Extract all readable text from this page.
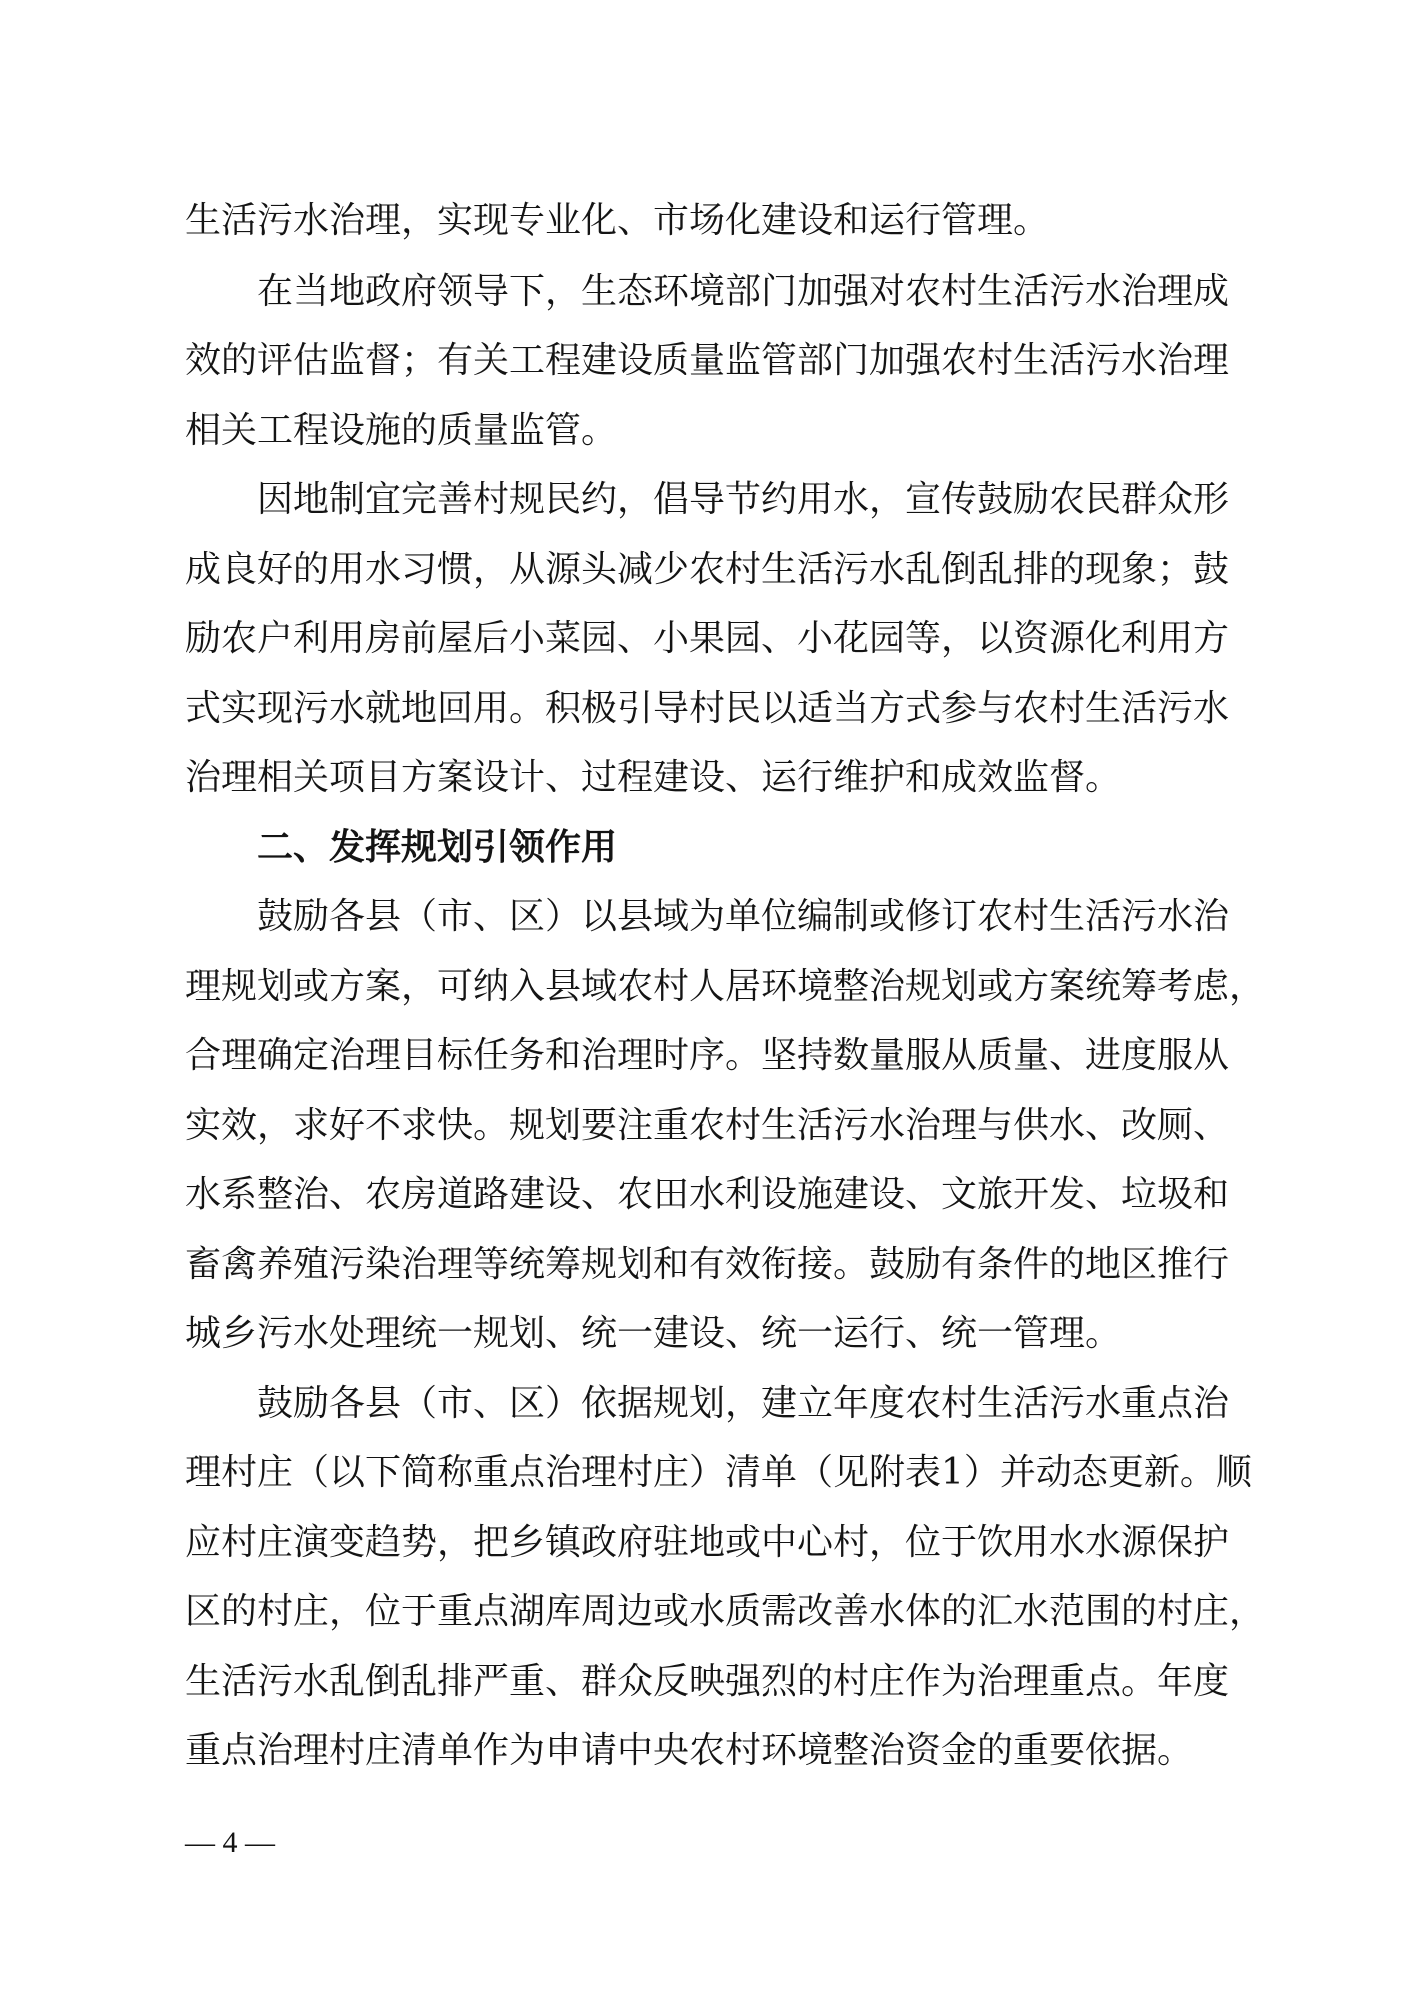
生活污水治理，实现专业化、市场化建设和运行管理。
在当地政府领导下，生态环境部门加强对农村生活污水治理成
效的评估监督；有关工程建设质量监管部门加强农村生活污水治理
相关工程设施的质量监管。
因地制宜完善村规民约，倡导节约用水，宣传鼓励农民群众形
成良好的用水习惯，从源头减少农村生活污水乱倒乱排的现象；鼓
励农户利用房前屋后小菜园、小果园、小花园等，以资源化利用方
式实现污水就地回用。积极引导村民以适当方式参与农村生活污水
治理相关项目方案设计、过程建设、运行维护和成效监督。
二、发挥规划引领作用
鼓励各县（市、区）以县域为单位编制或修订农村生活污水治
理规划或方案，可纳入县域农村人居环境整治规划或方案统筹考虑，
合理确定治理目标任务和治理时序。坚持数量服从质量、进度服从
实效，求好不求快。规划要注重农村生活污水治理与供水、改厕、
水系整治、农房道路建设、农田水利设施建设、文旅开发、垃圾和
畜禽养殖污染治理等统筹规划和有效衔接。鼓励有条件的地区推行
城乡污水处理统一规划、统一建设、统一运行、统一管理。
鼓励各县（市、区）依据规划，建立年度农村生活污水重点治
理村庄（以下简称重点治理村庄）清单（见附表1）并动态更新。顺
应村庄演变趋势，把乡镇政府驻地或中心村，位于饮用水水源保护
区的村庄，位于重点湖库周边或水质需改善水体的汇水范围的村庄，
生活污水乱倒乱排严重、群众反映强烈的村庄作为治理重点。年度
重点治理村庄清单作为申请中央农村环境整治资金的重要依据。
— 4 —
